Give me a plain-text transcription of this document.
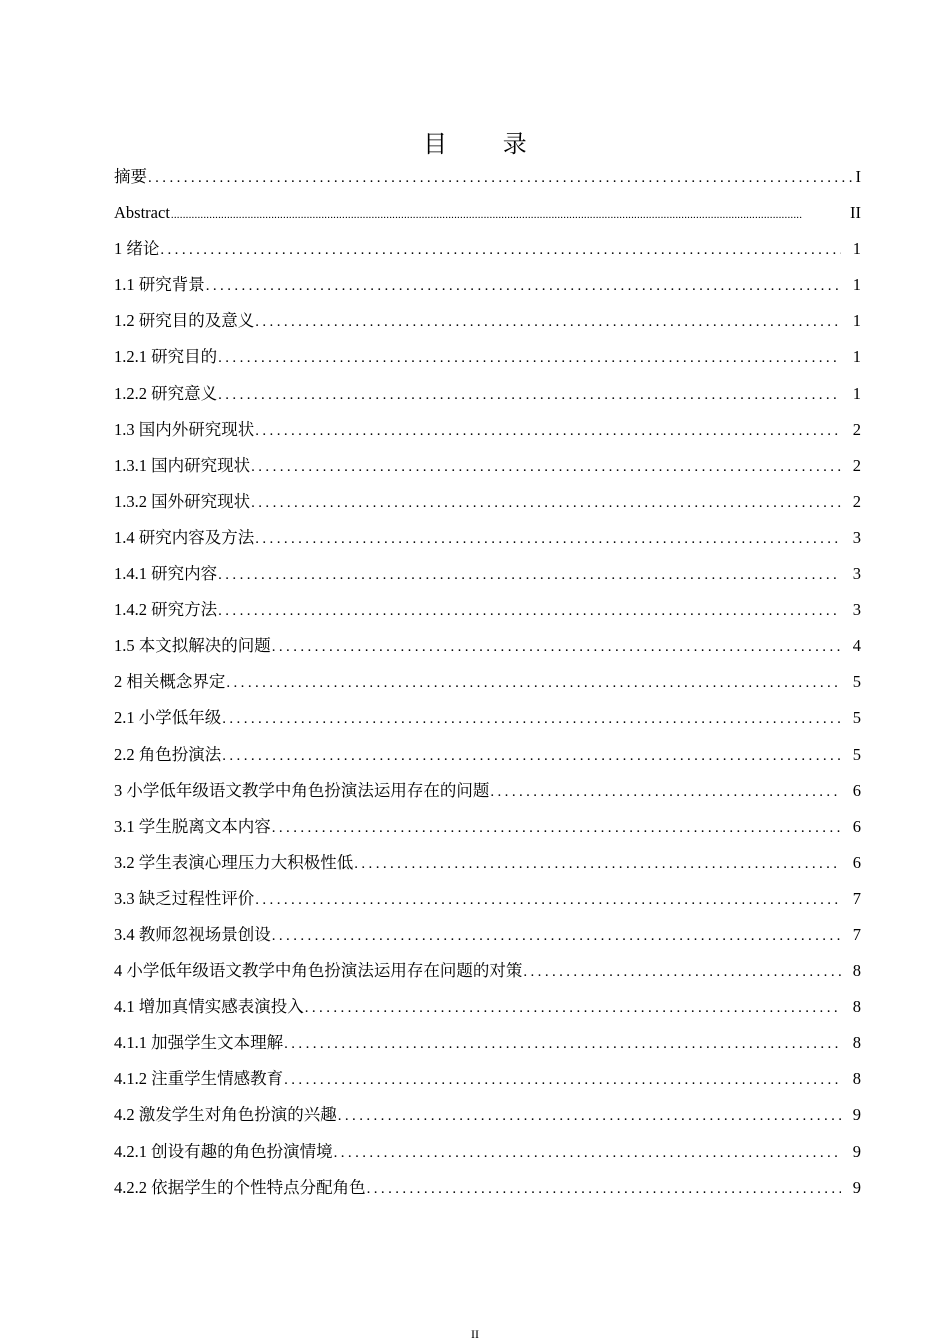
目 录
摘要 .....	I
Abstract .....	II
1 绪论 .....	1
1.1 研究背景 .....	1
1.2 研究目的及意义 .....	1
1.2.1 研究目的 .....	1
1.2.2 研究意义 .....	1
1.3 国内外研究现状 .....	2
1.3.1 国内研究现状 .....	2
1.3.2 国外研究现状 .....	2
1.4 研究内容及方法 .....	3
1.4.1 研究内容 .....	3
1.4.2 研究方法 .....	3
1.5 本文拟解决的问题 .....	4
2 相关概念界定 .....	5
2.1 小学低年级 .....	5
2.2 角色扮演法 .....	5
3 小学低年级语文教学中角色扮演法运用存在的问题 .....	6
3.1 学生脱离文本内容 .....	6
3.2 学生表演心理压力大积极性低 .....	6
3.3 缺乏过程性评价 .....	7
3.4 教师忽视场景创设 .....	7
4 小学低年级语文教学中角色扮演法运用存在问题的对策 .....	8
4.1 增加真情实感表演投入 .....	8
4.1.1 加强学生文本理解 .....	8
4.1.2 注重学生情感教育 .....	8
4.2 激发学生对角色扮演的兴趣 .....	9
4.2.1 创设有趣的角色扮演情境 .....	9
4.2.2 依据学生的个性特点分配角色 .....	9
II
